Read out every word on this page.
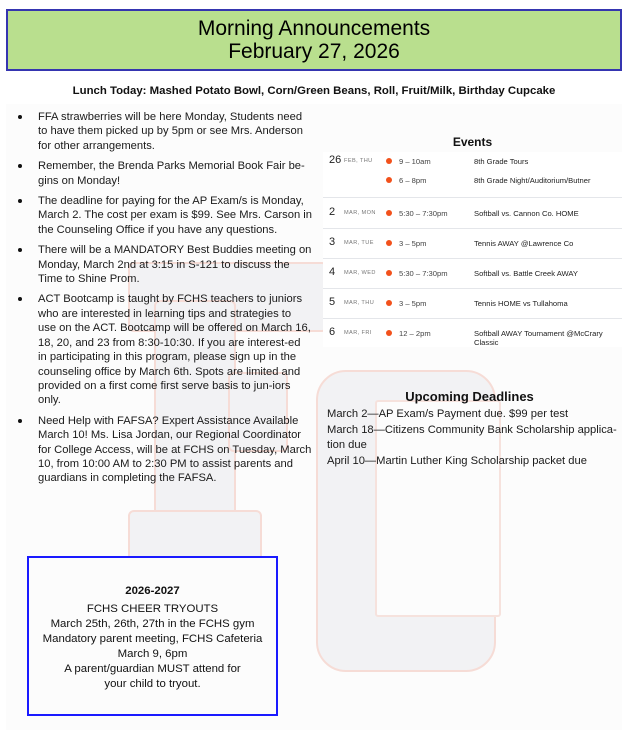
Morning Announcements
February 27, 2026
Lunch Today: Mashed Potato Bowl, Corn/Green Beans, Roll, Fruit/Milk, Birthday Cupcake
FFA strawberries will be here Monday, Students need to have them picked up by 5pm or see Mrs. Anderson for other arrangements.
Remember, the Brenda Parks Memorial Book Fair be-gins on Monday!
The deadline for paying for the AP Exam/s is Monday, March 2. The cost per exam is $99. See Mrs. Carson in the Counseling Office if you have any questions.
There will be a MANDATORY Best Buddies meeting on Monday, March 2nd at 3:15 in S-121 to discuss the Time to Shine Prom.
ACT Bootcamp is taught by FCHS teachers to juniors who are interested in learning tips and strategies to use on the ACT. Bootcamp will be offered on March 16, 18, 20, and 23 from 8:30-10:30. If you are interest-ed in participating in this program, please sign up in the counseling office by March 6th. Spots are limited and provided on a first come first serve basis to jun-iors only.
Need Help with FAFSA? Expert Assistance Available March 10! Ms. Lisa Jordan, our Regional Coordinator for College Access, will be at FCHS on Tuesday, March 10, from 10:00 AM to 2:30 PM to assist parents and guardians in completing the FAFSA.
Events
26 FEB, THU	9 – 10am	8th Grade Tours
6 – 8pm	8th Grade Night/Auditorium/Butner
2 MAR, MON	5:30 – 7:30pm	Softball vs. Cannon Co. HOME
3 MAR, TUE	3 – 5pm	Tennis AWAY @Lawrence Co
4 MAR, WED	5:30 – 7:30pm	Softball vs. Battle Creek AWAY
5 MAR, THU	3 – 5pm	Tennis HOME vs Tullahoma
6 MAR, FRI	12 – 2pm	Softball AWAY Tournament @McCrary Classic
Upcoming Deadlines
March 2—AP Exam/s Payment due. $99 per test
March 18—Citizens Community Bank Scholarship applica-tion due
April 10—Martin Luther King Scholarship packet due
2026-2027
FCHS CHEER TRYOUTS
March 25th, 26th, 27th in the FCHS gym
Mandatory parent meeting, FCHS Cafeteria
March 9, 6pm
A parent/guardian MUST attend for
your child to tryout.
